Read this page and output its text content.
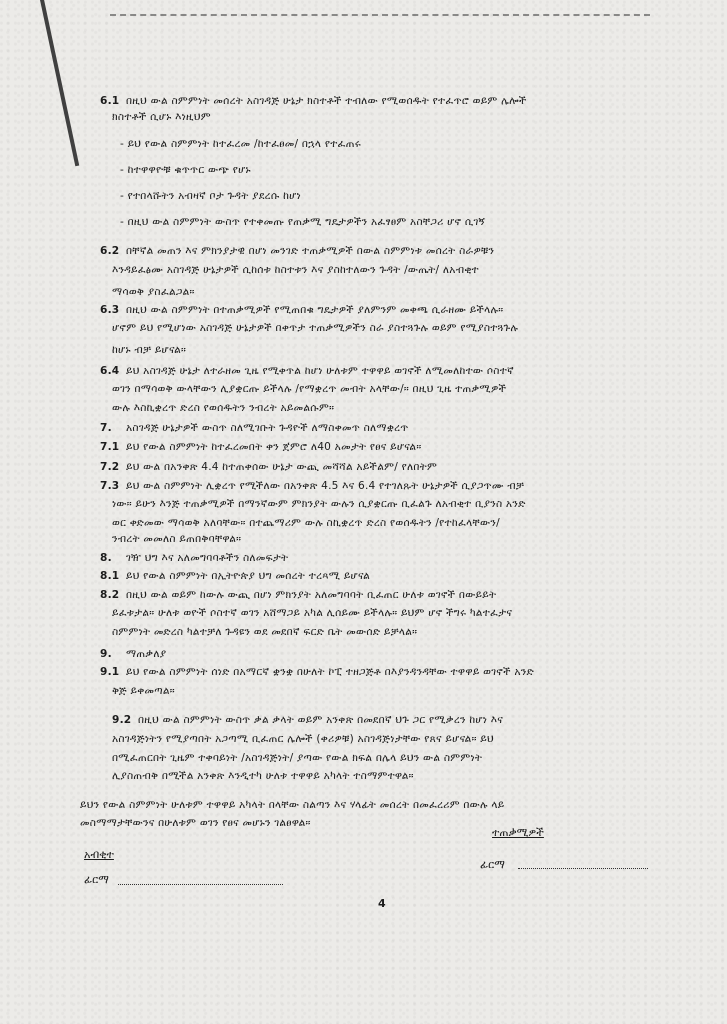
6.1 በዚህ ውል ስምምነት መሰረት አስገዳጅ ሁኔታ ክስተቶች ተብለው የሚወሰዱት የተፈጥሮ ወይም ሌሎች
ክስተቶች ሲሆኑ እነዚህም
- ይህ የውል ስምምነት ከተፈረመ /ከተፈፀመ/ በኋላ የተፈጠሩ
- ከተዋዋዮቹ ቁጥጥር ውጭ የሆኑ
- የተበላሹትን አብዛኛ ቦታ ጉዳት ያደረሱ ከሆነ
- በዚህ ውል ስምምነት ውስጥ የተቀመጡ የጠቃሚ ግዴታዎችን አፈፃፀም አስቸጋሪ ሆኖ ሲገኝ
6.2 በቸኛል መጠን እና ምክንያታዊ በሆነ መንገድ ተጠቃሚዎች በውል ስምምነቱ መሰረት ስራዎቹን
እንዳይፈፅሙ አስገዳጅ ሁኔታዎች ሲከሰቱ ከስተቱን እና ያስከተለውን ጉዳት /ውጤት/ ለአብቂተ
ማሳወቅ ያስፈልጋል።
6.3 በዚህ ውል ስምምነት በተጠቃሚዎች የሚጠበቁ ግዴታዎች ያለምንም መቀጫ ሲራዘሙ ይችላሉ።
ሆኖም ይህ የሚሆነው አስገዳጅ ሁኔታዎች በቀጥታ ተጠቃሚዎችን ስራ ያስተጓጉሉ ወይም የሚያስተጓጉሉ
ከሆኑ ብቻ ይሆናል።
6.4 ይህ አስገዳጅ ሁኔታ ለተራዘመ ጊዜ የሚቀጥል ከሆነ ሁለቱም ተዋዋይ ወገኖች ለሚመለከተው ሶስተኛ
ወገን በማሳወቅ ውላቸውን ሊያቋርጡ ይችላሉ /የማቋረጥ መብት አላቸው/። በዚህ ጊዜ ተጠቃሚዎች
ውሉ እስኪቋረጥ ድረስ የወሰዱትን ንብረት አይመልሱም።
7. አስገዳጅ ሁኔታዎች ውስጥ ስለሚገቡት ጉዳዮች ለማስቀመጥ ስለማቋረጥ
7.1 ይህ የውል ስምምነት ከተፈረመበት ቀን ጀምሮ ለ40 አመታት የፀና ይሆናል።
7.2 ይህ ውል በአንቀጽ 4.4 ከተጠቀሰው ሁኔታ ውጪ መሻሻል አይችልም/ የለበትም
7.3 ይህ ውል ስምምነት ሊቋረጥ የሚችለው በአንቀጽ 4.5 እና 6.4 የተገለጹት ሁኔታዎች ሲያጋጥሙ ብቻ
ነው። ይሁን እንጅ ተጠቃሚዎች በማንኛውም ምክንያት ውሉን ሲያቋርጡ ቢፈልጉ ለአብቂተ ቢያንስ አንድ
ወር ቀድመው ማሳወቅ አለባቸው። በተጨማሪም ውሉ ስኪቋረጥ ድረስ የወሰዱትን /የተከፈላቸውን/
ንብረት መመለስ ይጠበቅባቸዋል።
8. ገዥ ህግ እና አለመግባባቶችን ስለመፍታት
8.1 ይህ የውል ስምምነት በኢትዮጵያ ህግ መሰረት ተረጻሚ ይሆናል
8.2 በዚህ ውል ወይም ከውሉ ውጪ በሆነ ምክንያት አለመግባባት ቢፈጠር ሁለቱ ወገኖች በውይይት
ይፈቱታል። ሁለቱ ወዮች ሶስተኛ ወገን አሸማጋይ አካል ሊሰይሙ ይችላሉ። ይህም ሆኖ ችግሩ ካልተፈታና
ስምምነት መድረስ ካልተቻለ ጉዳዩን ወደ መደበኛ ፍርድ ቤት መውሰድ ይቻላል።
9. ማጠቃለያ
9.1 ይህ የውል ስምምነት ሰነድ በአማርኛ ቋንቋ በሁለት ኮፒ ተዘጋጅቶ በእያንዳንዳቸው ተዋዋይ ወገኖች አንድ
ቅጅ ይቀመጣል።
9.2 በዚህ ውል ስምምነት ውስጥ ቃል ቃላት ወይም አንቀጽ በመደበኛ ህጉ ጋር የሚቃረን ከሆነ እና
አስገዳጅነትን የሚያጣበት አጋጣሚ ቢፈጠር ሌሎች (ቀሪዎቹ) አስገዳጅነታቸው የጸና ይሆናል። ይህ
በሚፈጠርበት ጊዜም ተቀባይነት /አስገዳጅነት/ ያጣው የውል ክፍል በሌላ ይህን ውል ስምምነት
ሊያስጠብቅ በሚችል አንቀጽ እንዲተካ ሁለቱ ተዋዋይ አካላት ተስማምተዋል።
ይህን የውል ስምምነት ሁለቱም ተዋዋይ አካላት በላቸው ስልጣን እና ሃላፊት መሰረት በመፈረሪም በውሉ ላይ
መስማማታቸውንና በሁለቱም ወገን የፀና መሆኑን ገልፀዋል።
ተጠቃሚዎች
አብቂተ
ፊርማ
ፊርማ
4
